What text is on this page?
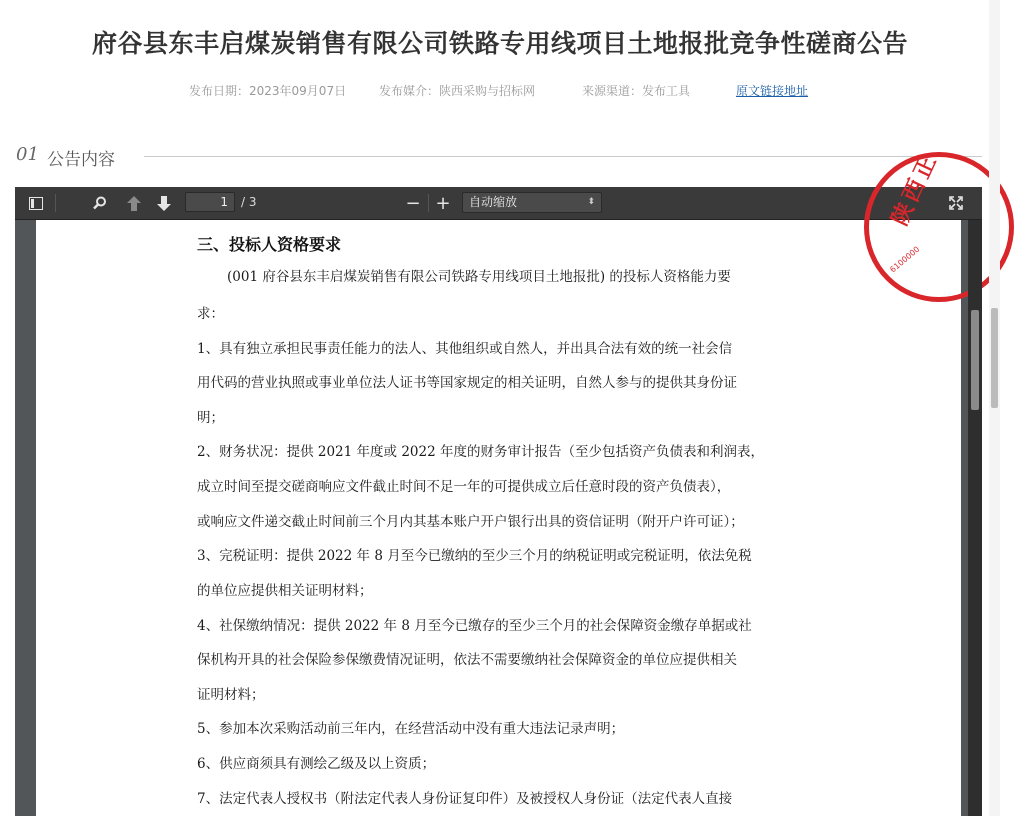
府谷县东丰启煤炭销售有限公司铁路专用线项目土地报批竞争性磋商公告
发布日期：2023年09月07日	发布媒介：陕西采购与招标网	来源渠道：发布工具	原文链接地址
01 公告内容
1	/ 3	− +	自动缩放	⬍	陕西正
6100000
三、投标人资格要求
(001 府谷县东丰启煤炭销售有限公司铁路专用线项目土地报批) 的投标人资格能力要
求：
1、具有独立承担民事责任能力的法人、其他组织或自然人，并出具合法有效的统一社会信
用代码的营业执照或事业单位法人证书等国家规定的相关证明，自然人参与的提供其身份证
明；
2、财务状况：提供 2021 年度或 2022 年度的财务审计报告（至少包括资产负债表和利润表，
成立时间至提交磋商响应文件截止时间不足一年的可提供成立后任意时段的资产负债表），
或响应文件递交截止时间前三个月内其基本账户开户银行出具的资信证明（附开户许可证）；
3、完税证明：提供 2022 年 8 月至今已缴纳的至少三个月的纳税证明或完税证明，依法免税
的单位应提供相关证明材料；
4、社保缴纳情况：提供 2022 年 8 月至今已缴存的至少三个月的社会保障资金缴存单据或社
保机构开具的社会保险参保缴费情况证明，依法不需要缴纳社会保障资金的单位应提供相关
证明材料；
5、参加本次采购活动前三年内，在经营活动中没有重大违法记录声明；
6、供应商须具有测绘乙级及以上资质；
7、法定代表人授权书（附法定代表人身份证复印件）及被授权人身份证（法定代表人直接
